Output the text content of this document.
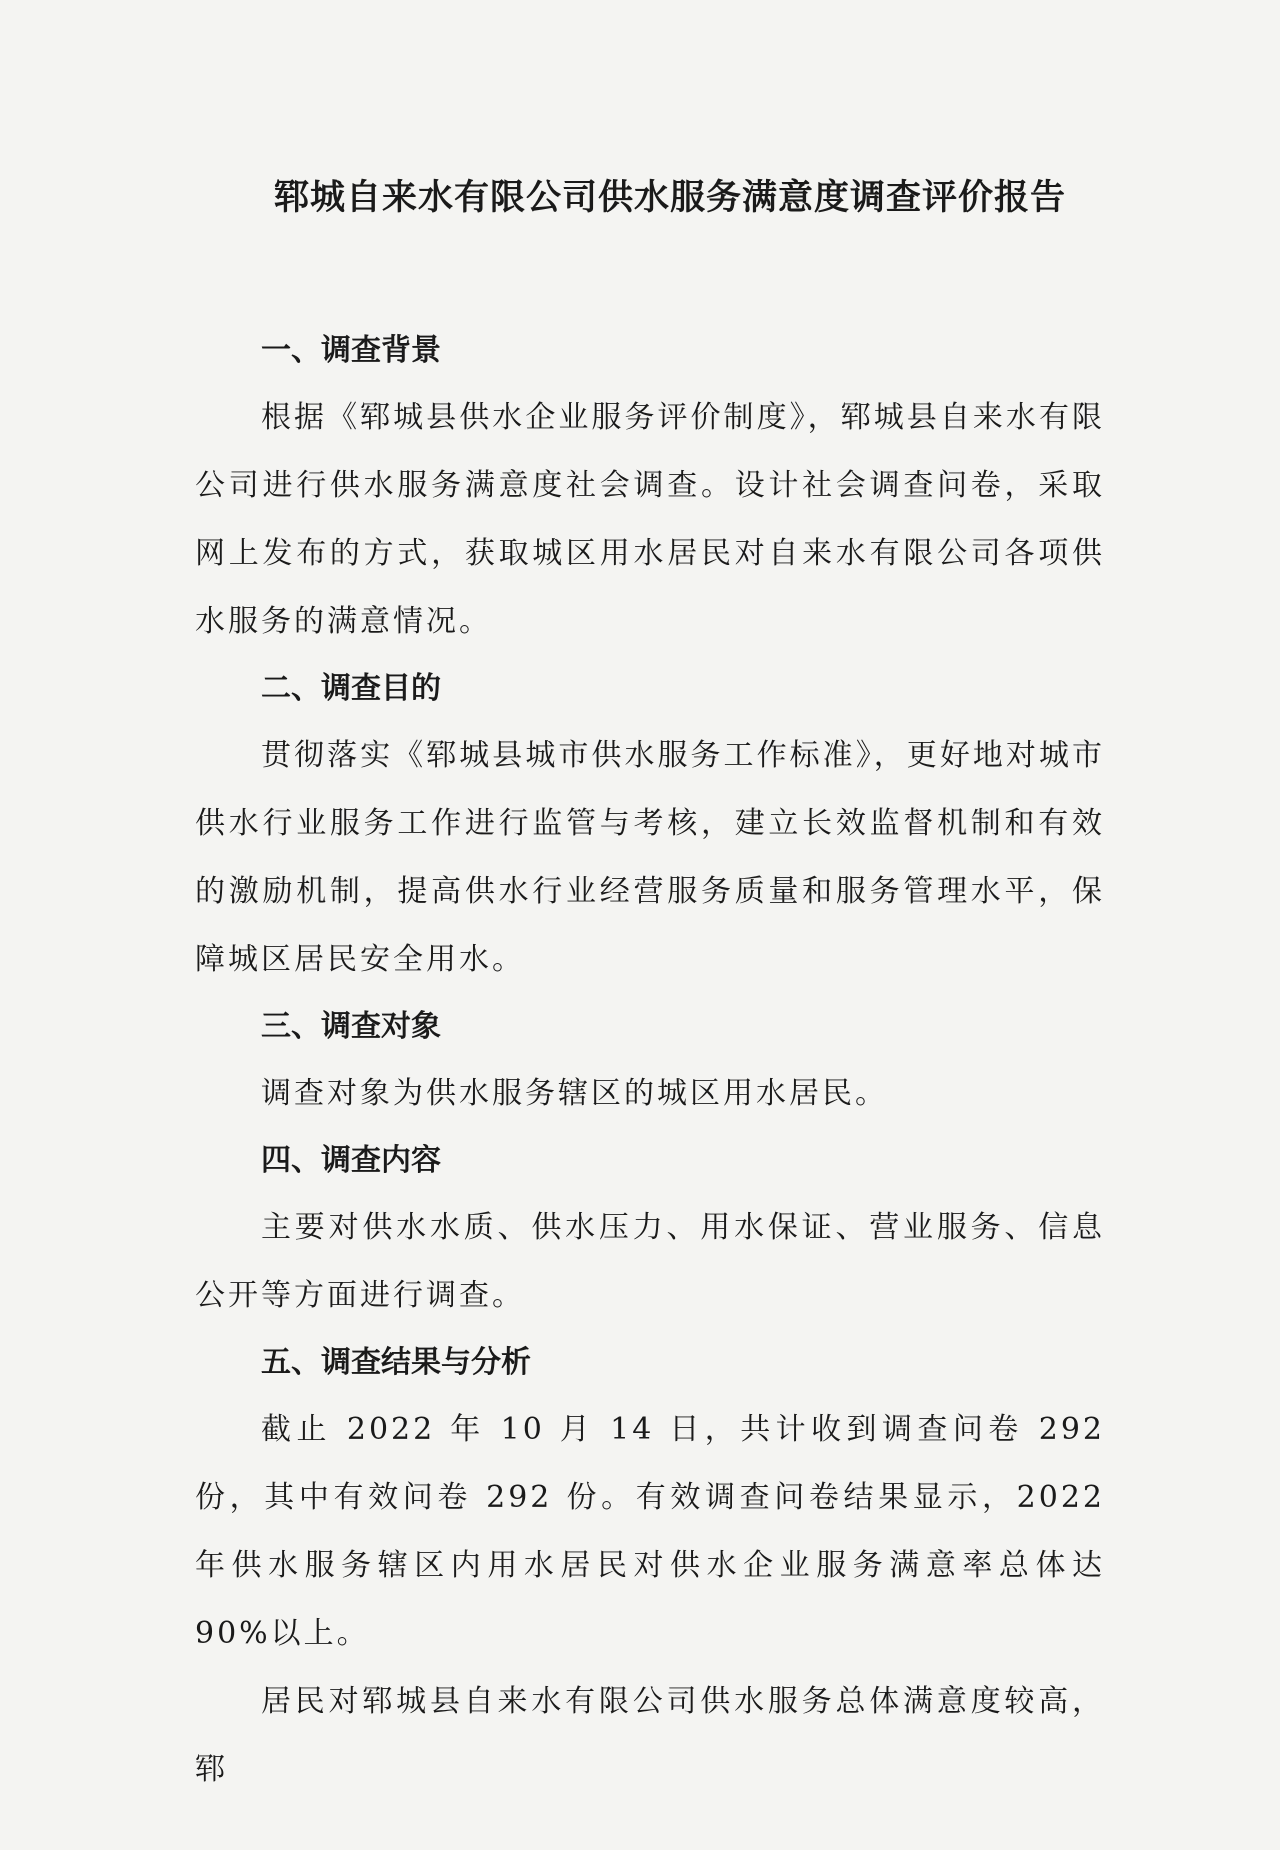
郓城自来水有限公司供水服务满意度调查评价报告

一、调查背景

根据《郓城县供水企业服务评价制度》，郓城县自来水有限公司进行供水服务满意度社会调查。设计社会调查问卷，采取网上发布的方式，获取城区用水居民对自来水有限公司各项供水服务的满意情况。

二、调查目的

贯彻落实《郓城县城市供水服务工作标准》，更好地对城市供水行业服务工作进行监管与考核，建立长效监督机制和有效的激励机制，提高供水行业经营服务质量和服务管理水平，保障城区居民安全用水。

三、调查对象

调查对象为供水服务辖区的城区用水居民。

四、调查内容

主要对供水水质、供水压力、用水保证、营业服务、信息公开等方面进行调查。

五、调查结果与分析

截止 2022 年 10 月 14 日，共计收到调查问卷 292 份，其中有效问卷 292 份。有效调查问卷结果显示，2022 年供水服务辖区内用水居民对供水企业服务满意率总体达 90%以上。

居民对郓城县自来水有限公司供水服务总体满意度较高，郓
